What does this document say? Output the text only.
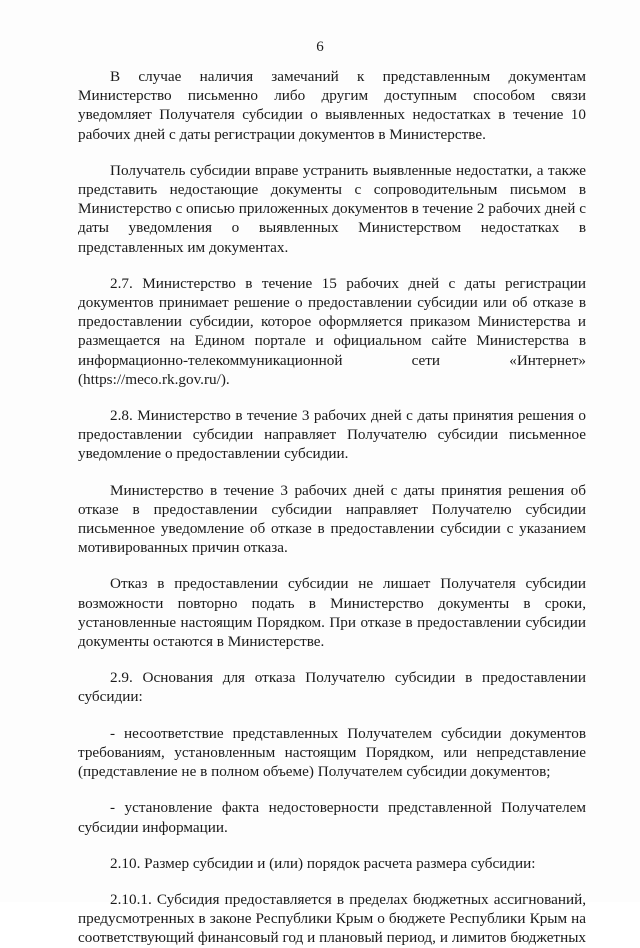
6

В случае наличия замечаний к представленным документам Министерство письменно либо другим доступным способом связи уведомляет Получателя субсидии о выявленных недостатках в течение 10 рабочих дней с даты регистрации документов в Министерстве.

Получатель субсидии вправе устранить выявленные недостатки, а также представить недостающие документы с сопроводительным письмом в Министерство с описью приложенных документов в течение 2 рабочих дней с даты уведомления о выявленных Министерством недостатках в представленных им документах.

2.7. Министерство в течение 15 рабочих дней с даты регистрации документов принимает решение о предоставлении субсидии или об отказе в предоставлении субсидии, которое оформляется приказом Министерства и размещается на Едином портале и официальном сайте Министерства в информационно-телекоммуникационной сети «Интернет» (https://meco.rk.gov.ru/).

2.8. Министерство в течение 3 рабочих дней с даты принятия решения о предоставлении субсидии направляет Получателю субсидии письменное уведомление о предоставлении субсидии.

Министерство в течение 3 рабочих дней с даты принятия решения об отказе в предоставлении субсидии направляет Получателю субсидии письменное уведомление об отказе в предоставлении субсидии с указанием мотивированных причин отказа.

Отказ в предоставлении субсидии не лишает Получателя субсидии возможности повторно подать в Министерство документы в сроки, установленные настоящим Порядком. При отказе в предоставлении субсидии документы остаются в Министерстве.

2.9. Основания для отказа Получателю субсидии в предоставлении субсидии:

- несоответствие представленных Получателем субсидии документов требованиям, установленным настоящим Порядком, или непредставление (представление не в полном объеме) Получателем субсидии документов;

- установление факта недостоверности представленной Получателем субсидии информации.

2.10. Размер субсидии и (или) порядок расчета размера субсидии:

2.10.1. Субсидия предоставляется в пределах бюджетных ассигнований, предусмотренных в законе Республики Крым о бюджете Республики Крым на соответствующий финансовый год и плановый период, и лимитов бюджетных
